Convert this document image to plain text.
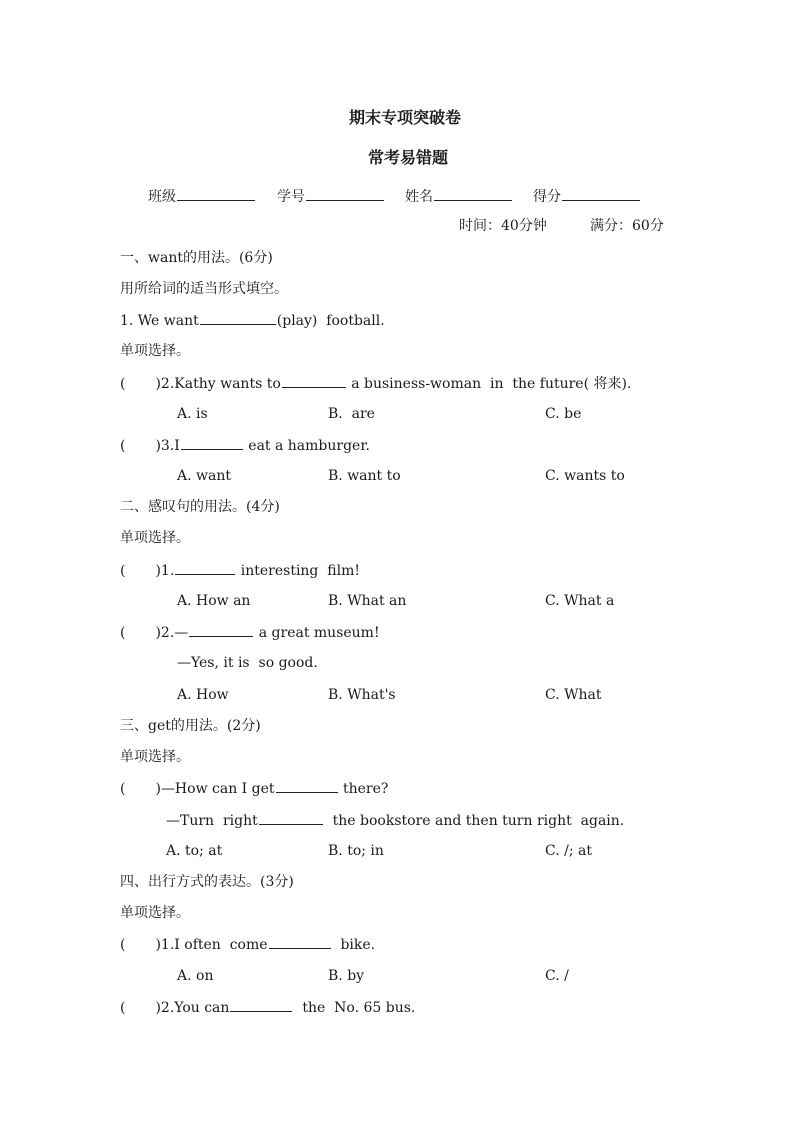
期末专项突破卷
常考易错题
班级	学号	姓名	得分
时间：40分钟	满分：60分
一、want的用法。(6分)
用所给词的适当形式填空。
1. We want	(play)  football.
单项选择。
( )2.Kathy wants to	a business-woman  in  the future( 将来).
A. is	B.  are	C. be
( )3.I	eat a hamburger.
A. want	B. want to	C. wants to
二、感叹句的用法。(4分)
单项选择。
( )1.	interesting  film!
A. How an	B. What an	C. What a
( )2.—	a great museum!
—Yes, it is  so good.
A. How	B. What's	C. What
三、get的用法。(2分)
单项选择。
( )—How can I get	there?
—Turn  right	the bookstore and then turn right  again.
A. to; at	B. to; in	C. /; at
四、出行方式的表达。(3分)
单项选择。
( )1.I often  come	bike.
A. on	B. by	C. /
( )2.You can	the  No. 65 bus.
